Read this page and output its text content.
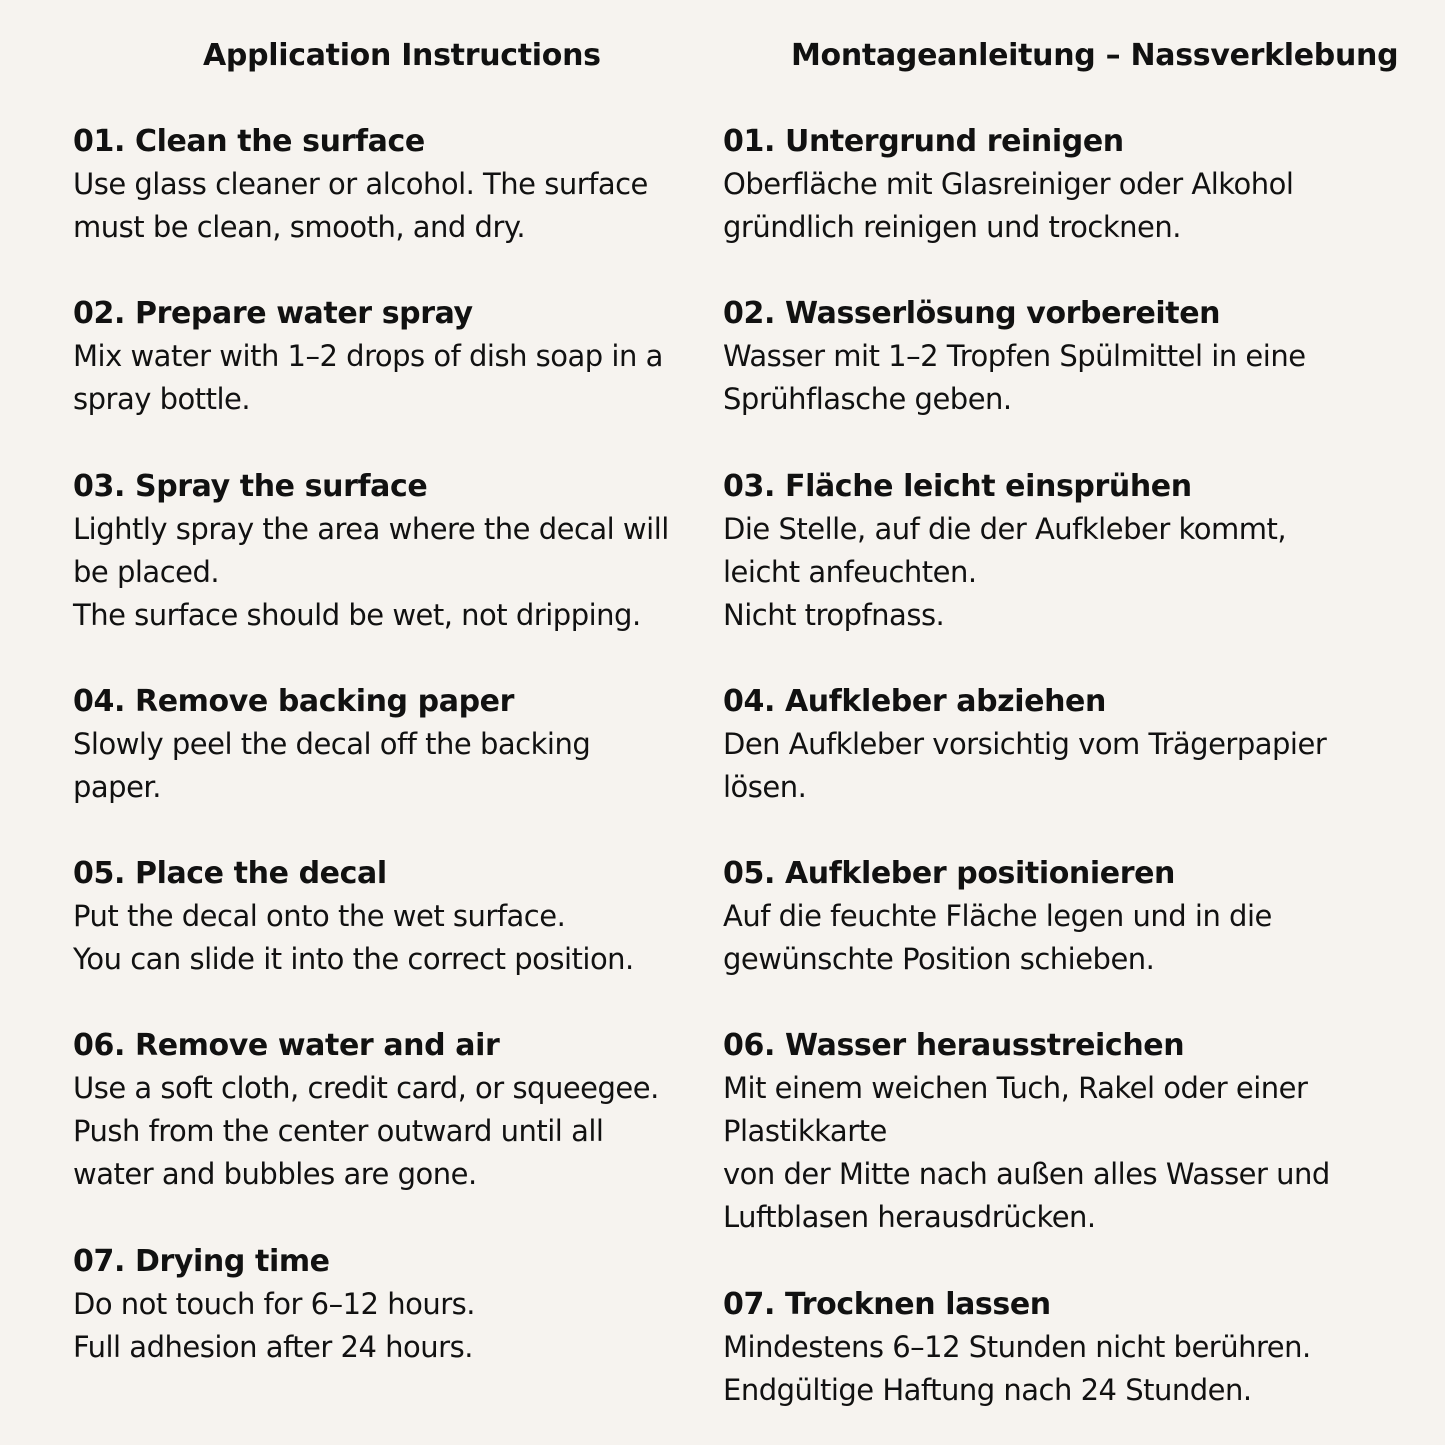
Application Instructions
01. Clean the surface
Use glass cleaner or alcohol. The surface
must be clean, smooth, and dry.
02. Prepare water spray
Mix water with 1–2 drops of dish soap in a
spray bottle.
03. Spray the surface
Lightly spray the area where the decal will
be placed.
The surface should be wet, not dripping.
04. Remove backing paper
Slowly peel the decal off the backing
paper.
05. Place the decal
Put the decal onto the wet surface.
You can slide it into the correct position.
06. Remove water and air
Use a soft cloth, credit card, or squeegee.
Push from the center outward until all
water and bubbles are gone.
07. Drying time
Do not touch for 6–12 hours.
Full adhesion after 24 hours.
Montageanleitung – Nassverklebung
01. Untergrund reinigen
Oberfläche mit Glasreiniger oder Alkohol
gründlich reinigen und trocknen.
02. Wasserlösung vorbereiten
Wasser mit 1–2 Tropfen Spülmittel in eine
Sprühflasche geben.
03. Fläche leicht einsprühen
Die Stelle, auf die der Aufkleber kommt,
leicht anfeuchten.
Nicht tropfnass.
04. Aufkleber abziehen
Den Aufkleber vorsichtig vom Trägerpapier
lösen.
05. Aufkleber positionieren
Auf die feuchte Fläche legen und in die
gewünschte Position schieben.
06. Wasser herausstreichen
Mit einem weichen Tuch, Rakel oder einer
Plastikkarte
von der Mitte nach außen alles Wasser und
Luftblasen herausdrücken.
07. Trocknen lassen
Mindestens 6–12 Stunden nicht berühren.
Endgültige Haftung nach 24 Stunden.
